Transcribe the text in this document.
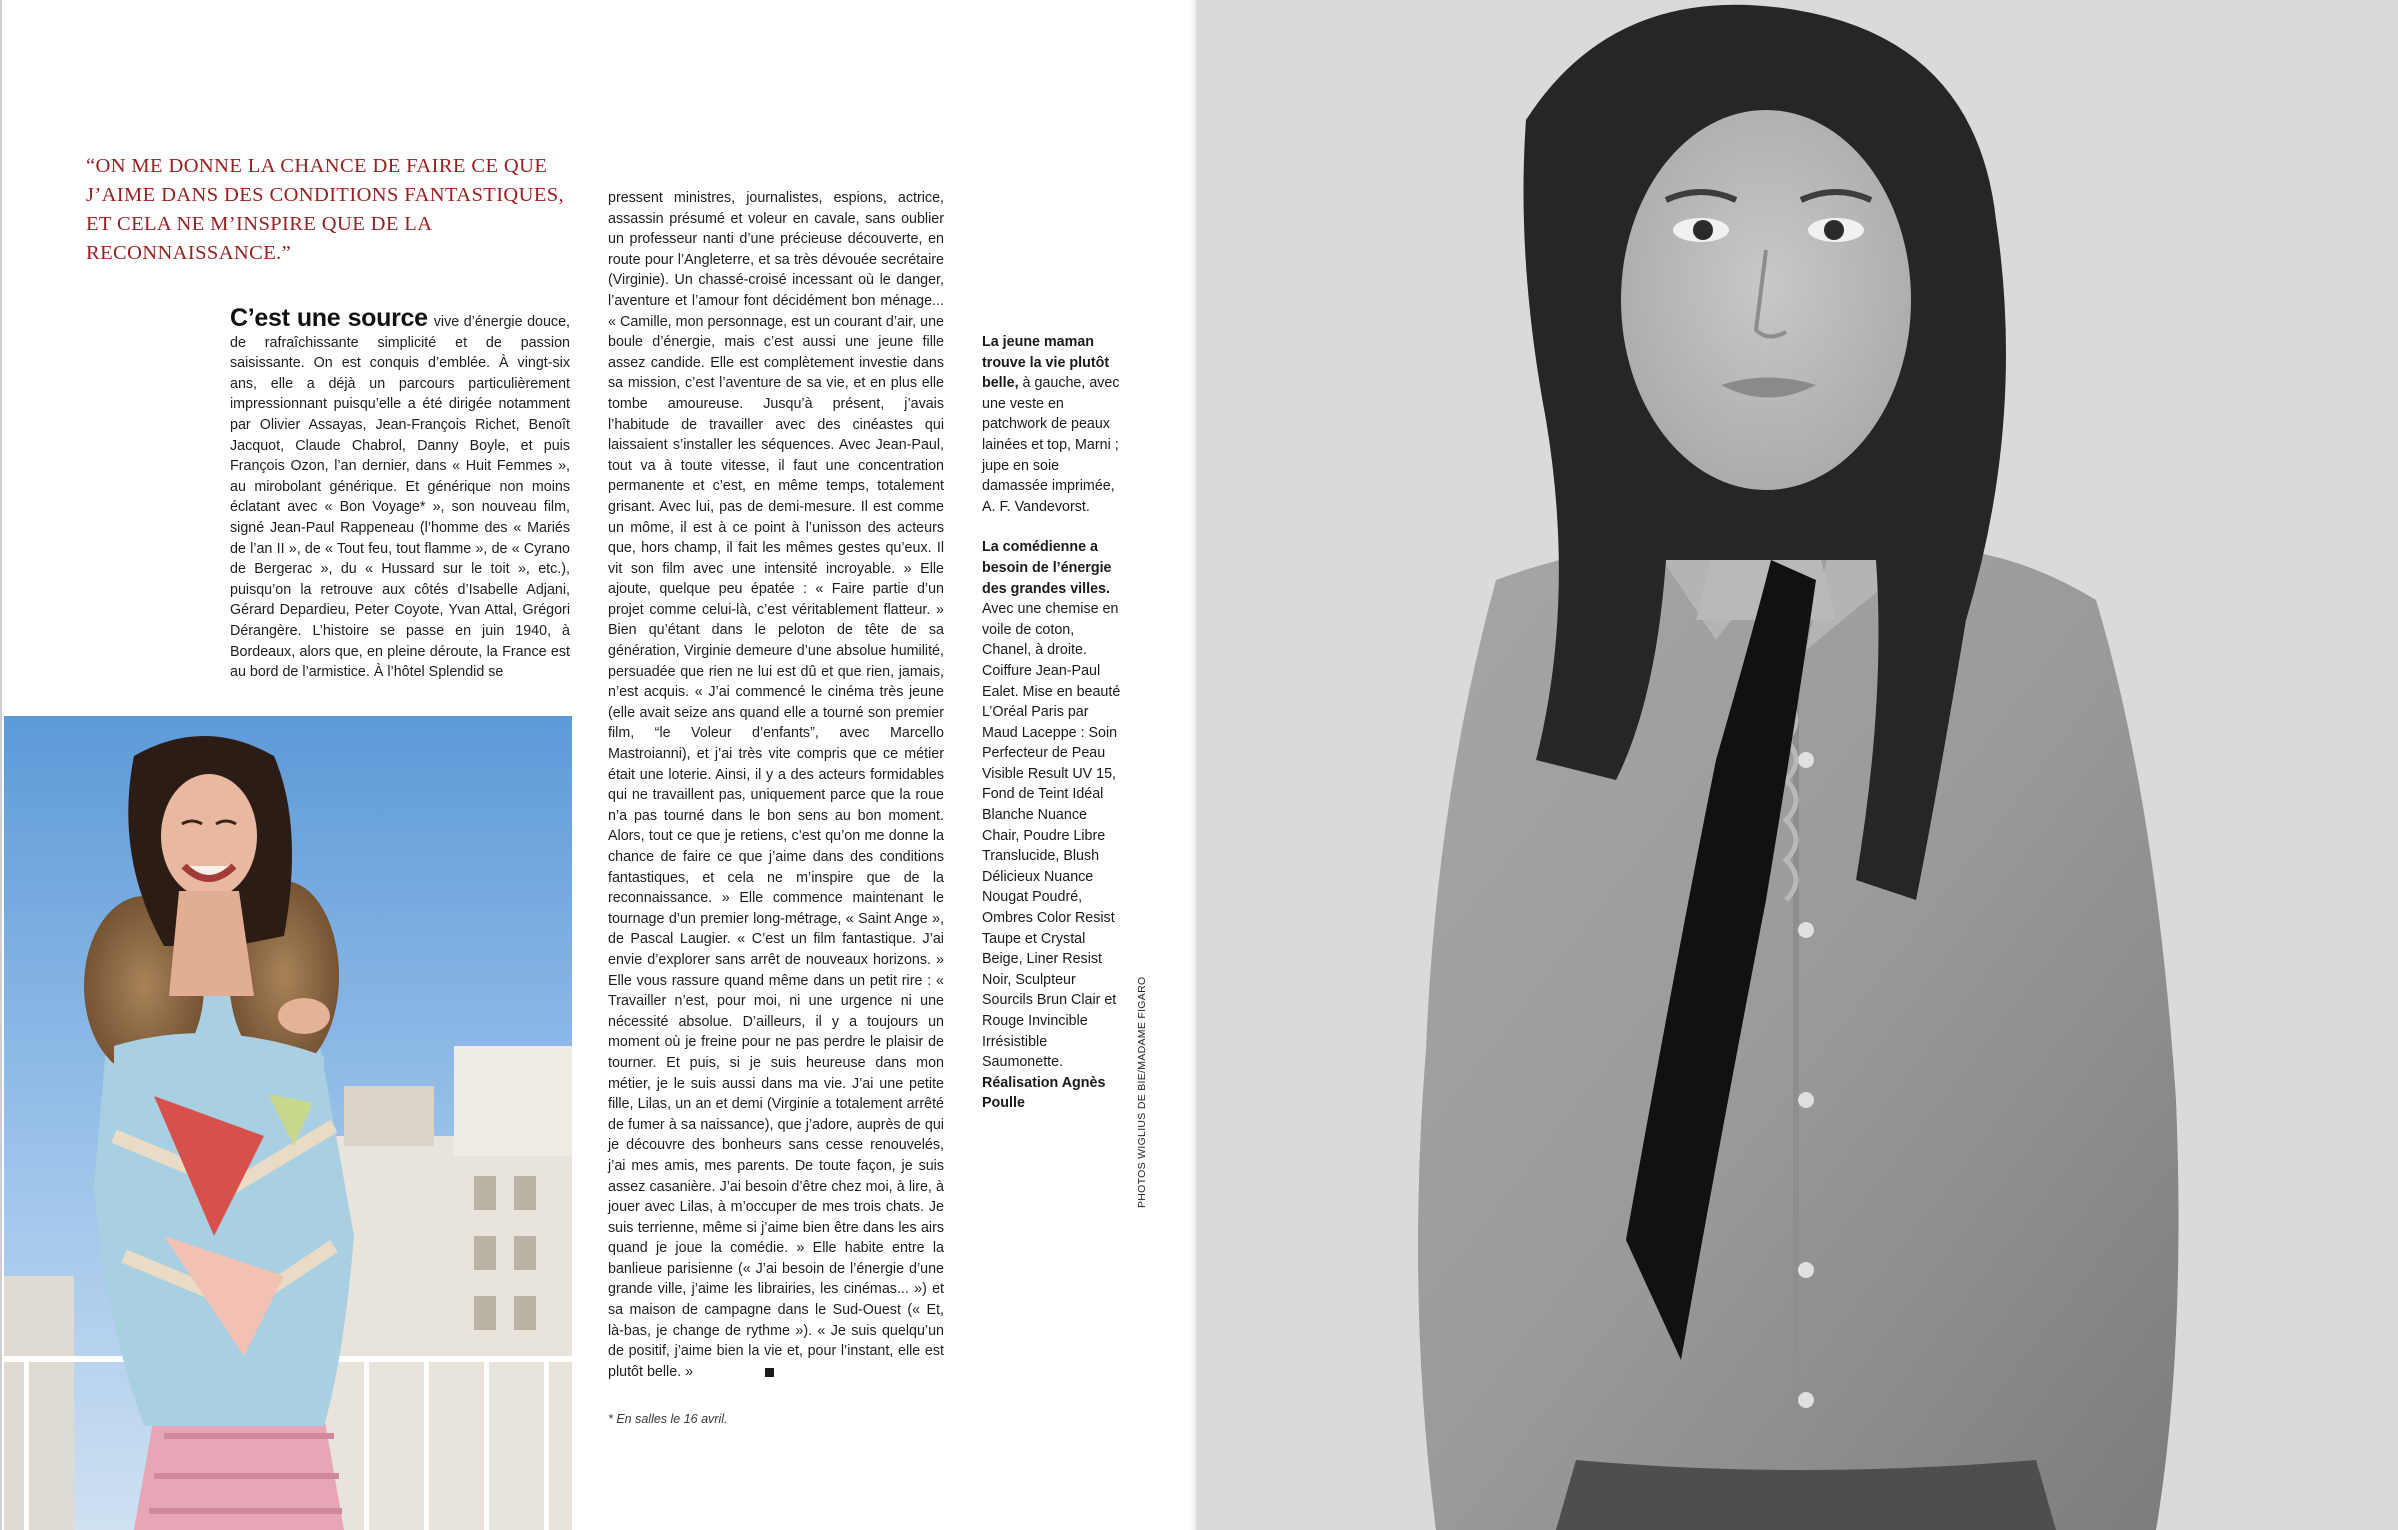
“ON ME DONNE LA CHANCE DE FAIRE CE QUE J’AIME DANS DES CONDITIONS FANTASTIQUES, ET CELA NE M’INSPIRE QUE DE LA RECONNAISSANCE.”

C’est une source vive d’énergie douce, de rafraîchissante simplicité et de passion saisissante. On est conquis d’emblée. À vingt-six ans, elle a déjà un parcours particulièrement impressionnant puisqu’elle a été dirigée notamment par Olivier Assayas, Jean-François Richet, Benoît Jacquot, Claude Chabrol, Danny Boyle, et puis François Ozon, l’an dernier, dans « Huit Femmes », au mirobolant générique. Et générique non moins éclatant avec « Bon Voyage* », son nouveau film, signé Jean-Paul Rappeneau (l’homme des « Mariés de l’an II », de « Tout feu, tout flamme », de « Cyrano de Bergerac », du « Hussard sur le toit », etc.), puisqu’on la retrouve aux côtés d’Isabelle Adjani, Gérard Depardieu, Peter Coyote, Yvan Attal, Grégori Dérangère. L’histoire se passe en juin 1940, à Bordeaux, alors que, en pleine déroute, la France est au bord de l’armistice. À l’hôtel Splendid se

pressent ministres, journalistes, espions, actrice, assassin présumé et voleur en cavale, sans oublier un professeur nanti d’une précieuse découverte, en route pour l’Angleterre, et sa très dévouée secrétaire (Virginie). Un chassé-croisé incessant où le danger, l’aventure et l’amour font décidément bon ménage... « Camille, mon personnage, est un courant d’air, une boule d’énergie, mais c’est aussi une jeune fille assez candide. Elle est complètement investie dans sa mission, c’est l’aventure de sa vie, et en plus elle tombe amoureuse. Jusqu’à présent, j’avais l’habitude de travailler avec des cinéastes qui laissaient s’installer les séquences. Avec Jean-Paul, tout va à toute vitesse, il faut une concentration permanente et c’est, en même temps, totalement grisant. Avec lui, pas de demi-mesure. Il est comme un môme, il est à ce point à l’unisson des acteurs que, hors champ, il fait les mêmes gestes qu’eux. Il vit son film avec une intensité incroyable. » Elle ajoute, quelque peu épatée : « Faire partie d’un projet comme celui-là, c’est véritablement flatteur. » Bien qu’étant dans le peloton de tête de sa génération, Virginie demeure d’une absolue humilité, persuadée que rien ne lui est dû et que rien, jamais, n’est acquis. « J’ai commencé le cinéma très jeune (elle avait seize ans quand elle a tourné son premier film, “le Voleur d’enfants”, avec Marcello Mastroianni), et j’ai très vite compris que ce métier était une loterie. Ainsi, il y a des acteurs formidables qui ne travaillent pas, uniquement parce que la roue n’a pas tourné dans le bon sens au bon moment. Alors, tout ce que je retiens, c’est qu’on me donne la chance de faire ce que j’aime dans des conditions fantastiques, et cela ne m’inspire que de la reconnaissance. » Elle commence maintenant le tournage d’un premier long-métrage, « Saint Ange », de Pascal Laugier. « C’est un film fantastique. J’ai envie d’explorer sans arrêt de nouveaux horizons. » Elle vous rassure quand même dans un petit rire : « Travailler n’est, pour moi, ni une urgence ni une nécessité absolue. D’ailleurs, il y a toujours un moment où je freine pour ne pas perdre le plaisir de tourner. Et puis, si je suis heureuse dans mon métier, je le suis aussi dans ma vie. J’ai une petite fille, Lilas, un an et demi (Virginie a totalement arrêté de fumer à sa naissance), que j’adore, auprès de qui je découvre des bonheurs sans cesse renouvelés, j’ai mes amis, mes parents. De toute façon, je suis assez casanière. J’ai besoin d’être chez moi, à lire, à jouer avec Lilas, à m’occuper de mes trois chats. Je suis terrienne, même si j’aime bien être dans les airs quand je joue la comédie. » Elle habite entre la banlieue parisienne (« J’ai besoin de l’énergie d’une grande ville, j’aime les librairies, les cinémas... ») et sa maison de campagne dans le Sud-Ouest (« Et, là-bas, je change de rythme »). « Je suis quelqu’un de positif, j’aime bien la vie et, pour l’instant, elle est plutôt belle. »

* En salles le 16 avril.

La jeune maman trouve la vie plutôt belle, à gauche, avec une veste en patchwork de peaux lainées et top, Marni ; jupe en soie damassée imprimée, A. F. Vandevorst.

La comédienne a besoin de l’énergie des grandes villes. Avec une chemise en voile de coton, Chanel, à droite. Coiffure Jean-Paul Ealet. Mise en beauté L’Oréal Paris par Maud Laceppe : Soin Perfecteur de Peau Visible Result UV 15, Fond de Teint Idéal Blanche Nuance Chair, Poudre Libre Translucide, Blush Délicieux Nuance Nougat Poudré, Ombres Color Resist Taupe et Crystal Beige, Liner Resist Noir, Sculpteur Sourcils Brun Clair et Rouge Invincible Irrésistible Saumonette. Réalisation Agnès Poulle	PHOTOS WIGLIUS DE BIE/MADAME FIGARO
